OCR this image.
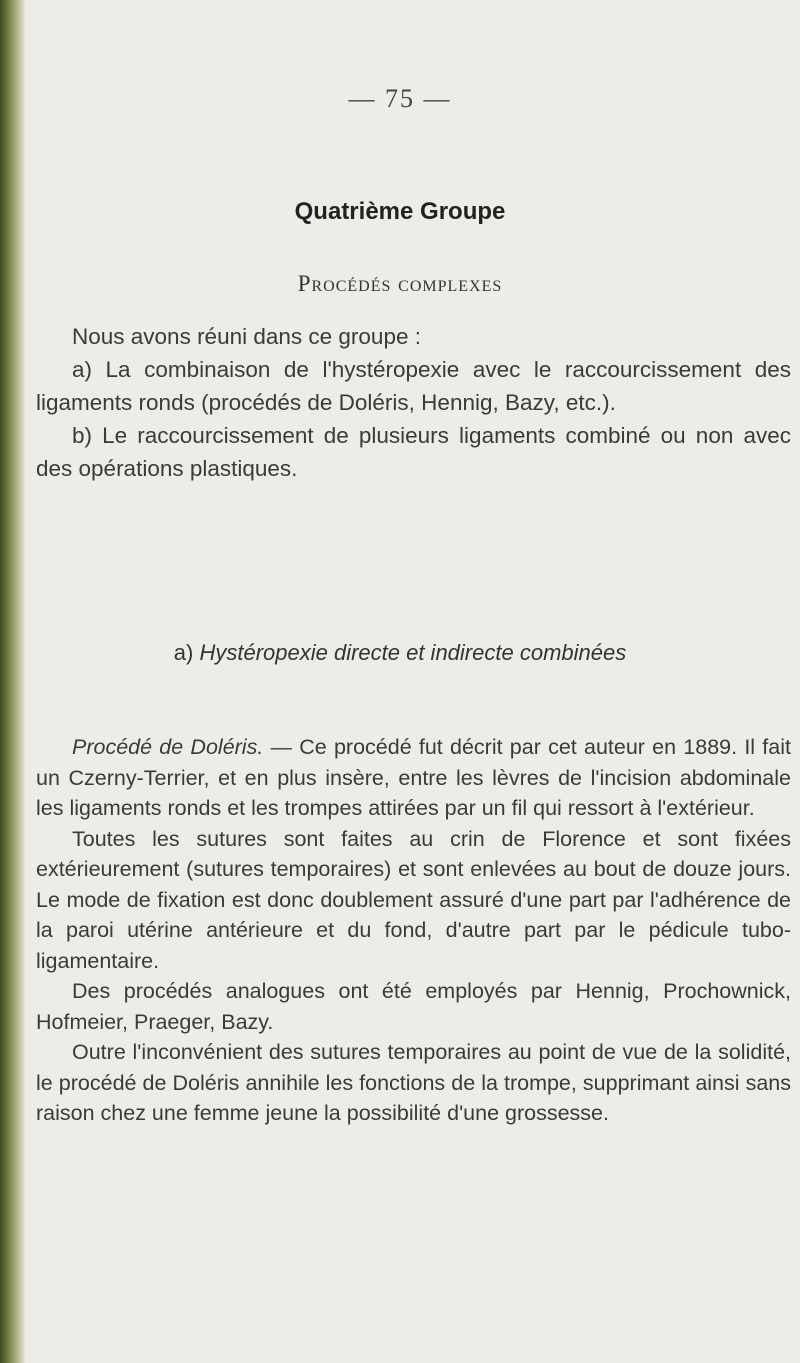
— 75 —
Quatrième Groupe
Procédés complexes

Nous avons réuni dans ce groupe :

a) La combinaison de l'hystéropexie avec le raccourcissement des ligaments ronds (procédés de Doléris, Hennig, Bazy, etc.).

b) Le raccourcissement de plusieurs ligaments combiné ou non avec des opérations plastiques.

a) Hystéropexie directe et indirecte combinées

Procédé de Doléris. — Ce procédé fut décrit par cet auteur en 1889. Il fait un Czerny-Terrier, et en plus insère, entre les lèvres de l'incision abdominale les ligaments ronds et les trompes attirées par un fil qui ressort à l'extérieur.

Toutes les sutures sont faites au crin de Florence et sont fixées extérieurement (sutures temporaires) et sont enlevées au bout de douze jours. Le mode de fixation est donc doublement assuré d'une part par l'adhérence de la paroi utérine antérieure et du fond, d'autre part par le pédicule tubo-ligamentaire.

Des procédés analogues ont été employés par Hennig, Prochownick, Hofmeier, Praeger, Bazy.

Outre l'inconvénient des sutures temporaires au point de vue de la solidité, le procédé de Doléris annihile les fonctions de la trompe, supprimant ainsi sans raison chez une femme jeune la possibilité d'une grossesse.
